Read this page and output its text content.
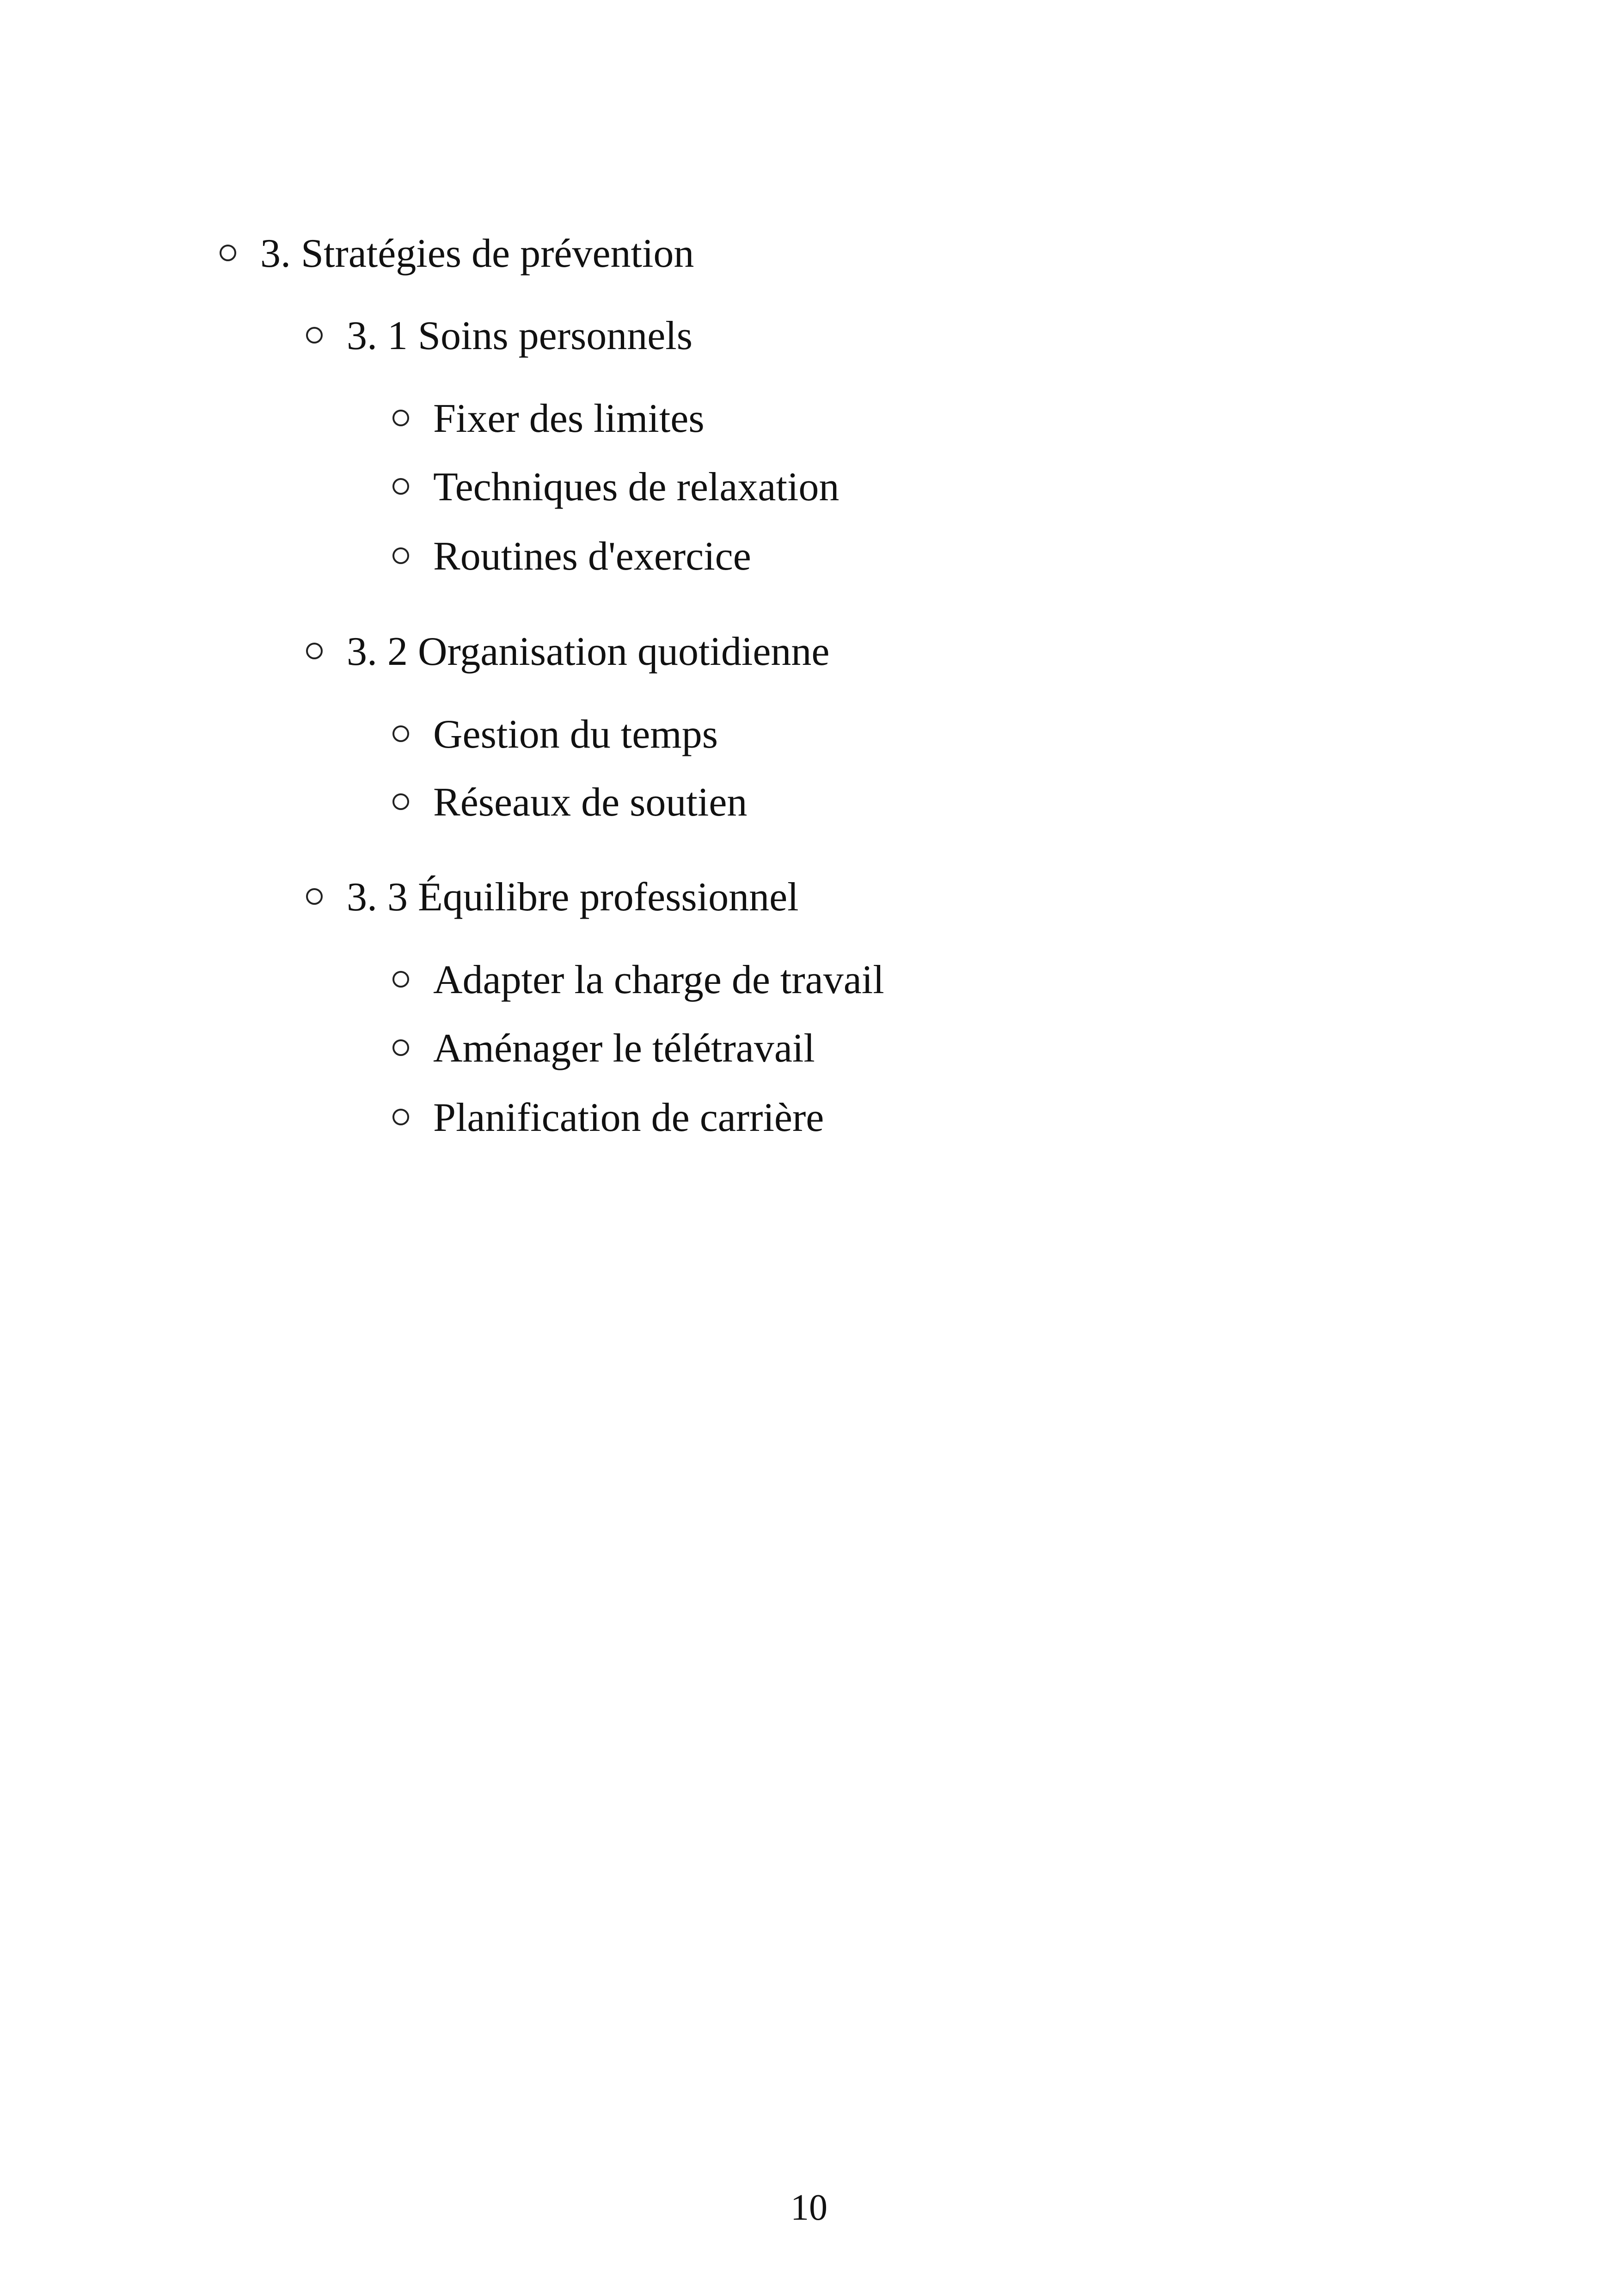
3. Stratégies de prévention
3. 1 Soins personnels
Fixer des limites
Techniques de relaxation
Routines d'exercice
3. 2 Organisation quotidienne
Gestion du temps
Réseaux de soutien
3. 3 Équilibre professionnel
Adapter la charge de travail
Aménager le télétravail
Planification de carrière
10
